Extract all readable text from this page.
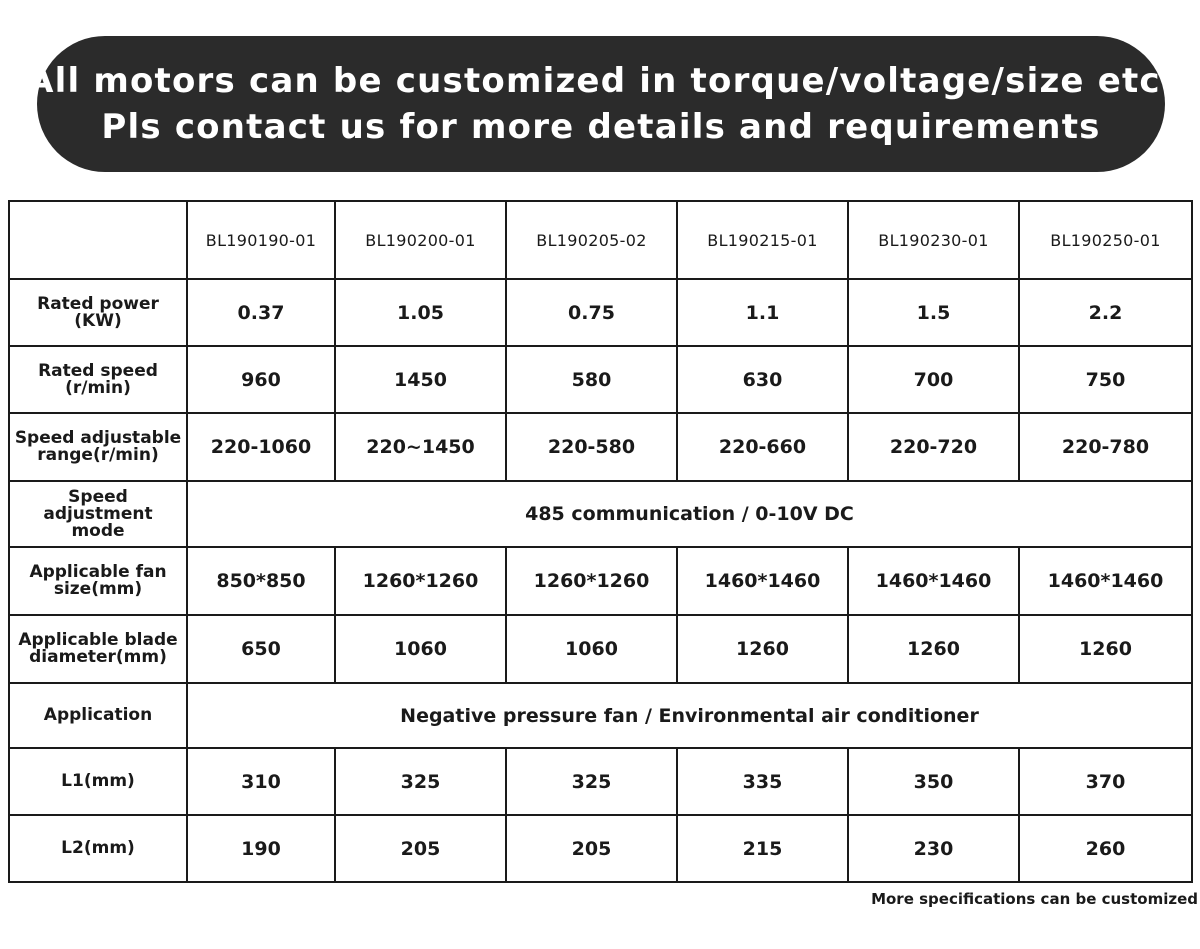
All motors can be customized in torque/voltage/size etc.
Pls contact us for more details and requirements
	BL190190-01	BL190200-01	BL190205-02	BL190215-01	BL190230-01	BL190250-01

Rated power
(KW)	0.37	1.05	0.75	1.1	1.5	2.2

Rated speed
(r/min)	960	1450	580	630	700	750

Speed adjustable
range(r/min)	220-1060	220~1450	220-580	220-660	220-720	220-780

Speed
adjustment
mode	485 communication / 0-10V DC					

Applicable fan
size(mm)	850*850	1260*1260	1260*1260	1460*1460	1460*1460	1460*1460

Applicable blade
diameter(mm)	650	1060	1060	1260	1260	1260

Application	Negative pressure fan / Environmental air conditioner					

L1(mm)	310	325	325	335	350	370

L2(mm)	190	205	205	215	230	260
More specifications can be customized
